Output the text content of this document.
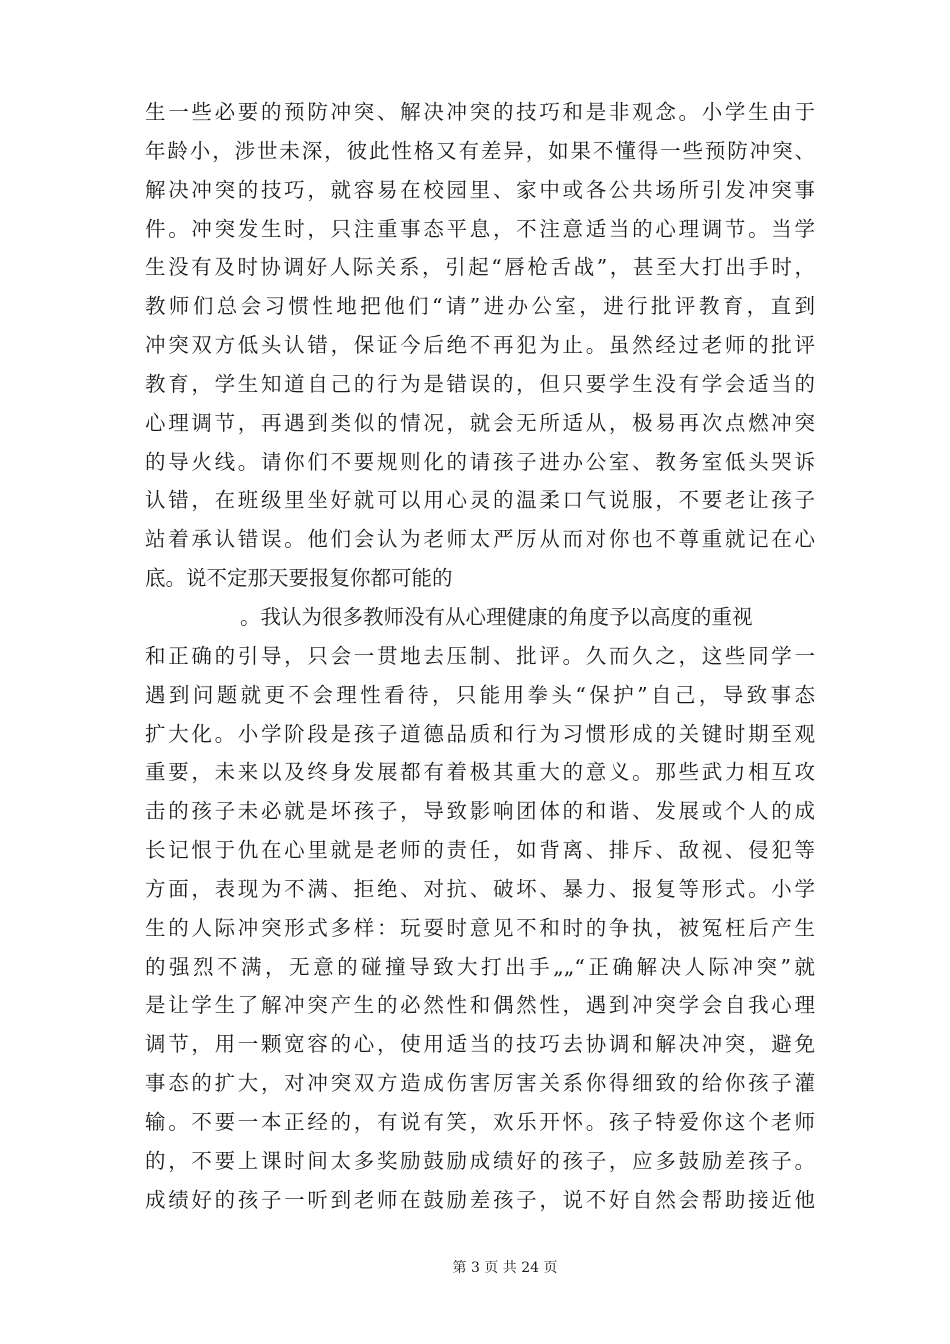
生一些必要的预防冲突、解决冲突的技巧和是非观念。小学生由于
年龄小，涉世未深，彼此性格又有差异，如果不懂得一些预防冲突、
解决冲突的技巧，就容易在校园里、家中或各公共场所引发冲突事
件。冲突发生时，只注重事态平息，不注意适当的心理调节。当学
生没有及时协调好人际关系，引起“唇枪舌战”，甚至大打出手时，
教师们总会习惯性地把他们“请”进办公室，进行批评教育，直到
冲突双方低头认错，保证今后绝不再犯为止。虽然经过老师的批评
教育，学生知道自己的行为是错误的，但只要学生没有学会适当的
心理调节，再遇到类似的情况，就会无所适从，极易再次点燃冲突
的导火线。请你们不要规则化的请孩子进办公室、教务室低头哭诉
认错，在班级里坐好就可以用心灵的温柔口气说服，不要老让孩子
站着承认错误。他们会认为老师太严厉从而对你也不尊重就记在心
底。说不定那天要报复你都可能的
。我认为很多教师没有从心理健康的角度予以高度的重视
和正确的引导，只会一贯地去压制、批评。久而久之，这些同学一
遇到问题就更不会理性看待，只能用拳头“保护”自己，导致事态
扩大化。小学阶段是孩子道德品质和行为习惯形成的关键时期至观
重要，未来以及终身发展都有着极其重大的意义。那些武力相互攻
击的孩子未必就是坏孩子，导致影响团体的和谐、发展或个人的成
长记恨于仇在心里就是老师的责任，如背离、排斥、敌视、侵犯等
方面，表现为不满、拒绝、对抗、破坏、暴力、报复等形式。小学
生的人际冲突形式多样：玩耍时意见不和时的争执，被冤枉后产生
的强烈不满，无意的碰撞导致大打出手„„“正确解决人际冲突”就
是让学生了解冲突产生的必然性和偶然性，遇到冲突学会自我心理
调节，用一颗宽容的心，使用适当的技巧去协调和解决冲突，避免
事态的扩大，对冲突双方造成伤害厉害关系你得细致的给你孩子灌
输。不要一本正经的，有说有笑，欢乐开怀。孩子特爱你这个老师
的，不要上课时间太多奖励鼓励成绩好的孩子，应多鼓励差孩子。
成绩好的孩子一听到老师在鼓励差孩子，说不好自然会帮助接近他
第 3 页 共 24 页
